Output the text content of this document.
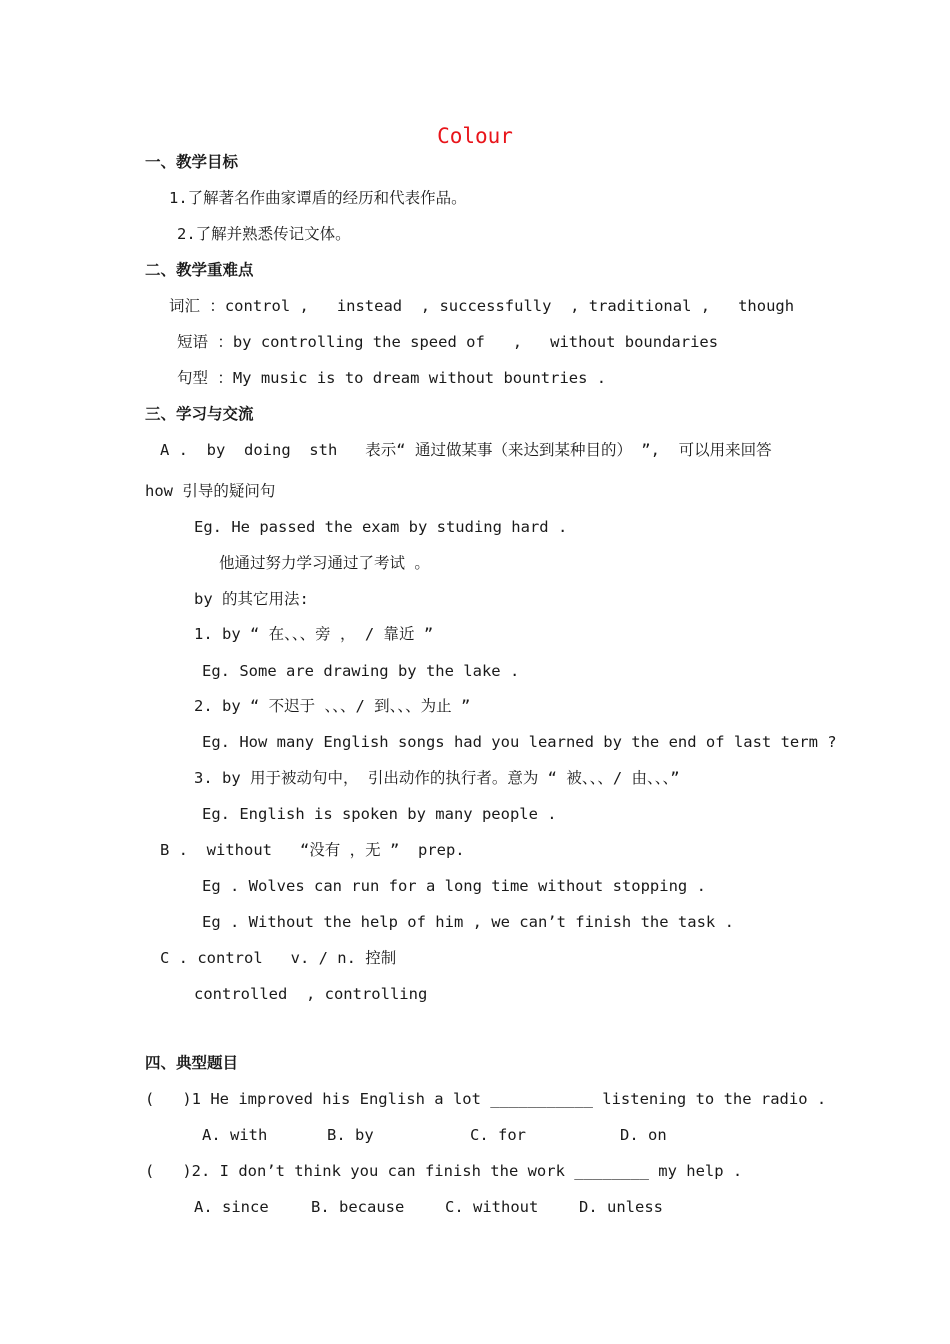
Colour
一、教学目标
1.了解著名作曲家谭盾的经历和代表作品。
2.了解并熟悉传记文体。
二、教学重难点
词汇 ：control ,   instead  , successfully  , traditional ,   though
短语 ：by controlling the speed of   ,   without boundaries
句型 ：My music is to dream without bountries .
三、学习与交流
A .  by  doing  sth   表示“ 通过做某事（来达到某种目的） ”,  可以用来回答
how 引导的疑问句
Eg. He passed the exam by studing hard .
他通过努力学习通过了考试 。
by 的其它用法:
1. by “ 在、、、旁 ， / 靠近 ”
Eg. Some are drawing by the lake .
2. by “ 不迟于 、、、/ 到、、、为止 ”
Eg. How many English songs had you learned by the end of last term ?
3. by 用于被动句中， 引出动作的执行者。意为 “ 被、、、/ 由、、、”
Eg. English is spoken by many people .
B .  without   “没有 ，无 ”  prep.
Eg . Wolves can run for a long time without stopping .
Eg . Without the help of him , we can’t finish the task .
C . control   v. / n. 控制
controlled  , controlling
四、典型题目
(   )1 He improved his English a lot ___________ listening to the radio .
A. with	B. by	C. for	D. on
(   )2. I don’t think you can finish the work ________ my help .
A. since	B. because	C. without	D. unless
